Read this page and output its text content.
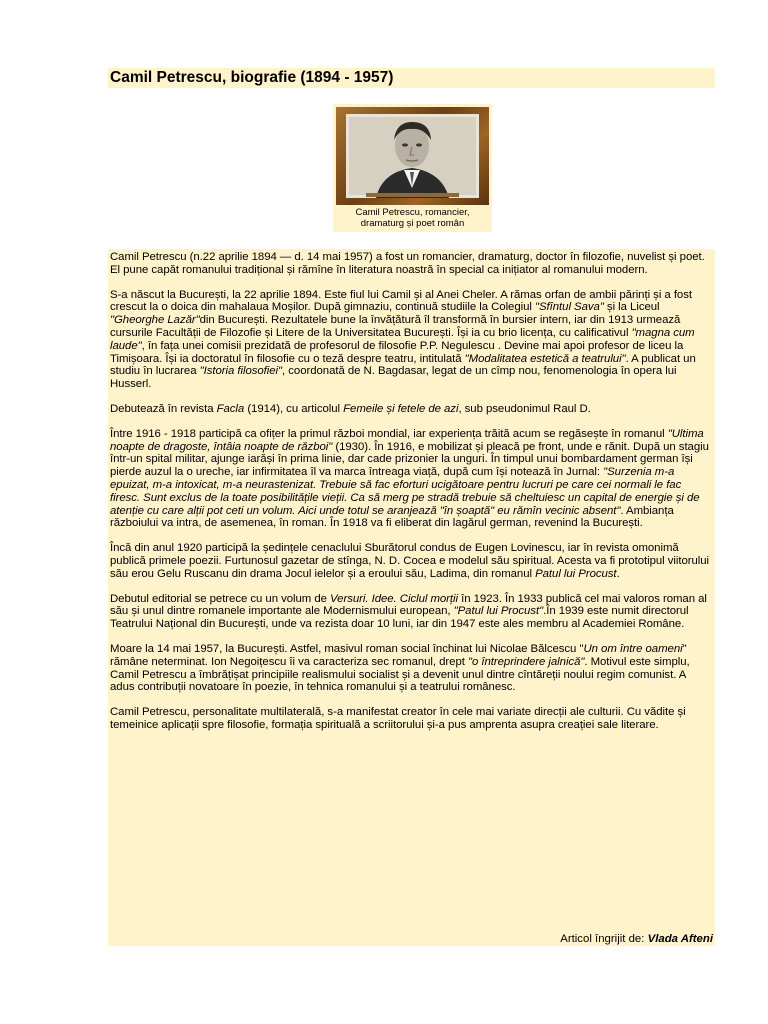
Camil Petrescu, biografie (1894 - 1957)
Camil Petrescu, romancier, dramaturg și poet român

Camil Petrescu (n.22 aprilie 1894 — d. 14 mai 1957) a fost un romancier, dramaturg, doctor în filozofie, nuvelist și poet. El pune capăt romanului tradițional și rămîne în literatura noastră în special ca inițiator al romanului modern.

S-a născut la București, la 22 aprilie 1894. Este fiul lui Camil și al Anei Cheler. A rămas orfan de ambii părinți și a fost crescut la o doica din mahalaua Moșilor. După gimnaziu, continuă studiile la Colegiul "Sfîntul Sava" și la Liceul "Gheorghe Lazăr"din București. Rezultatele bune la învățătură îl transformă în bursier intern, iar din 1913 urmează cursurile Facultății de Filozofie și Litere de la Universitatea București. Își ia cu brio licența, cu calificativul "magna cum laude", în fața unei comisii prezidată de profesorul de filosofie P.P. Negulescu . Devine mai apoi profesor de liceu la Timișoara. Își ia doctoratul în filosofie cu o teză despre teatru, intitulată "Modalitatea estetică a teatrului". A publicat un studiu în lucrarea "Istoria filosofiei", coordonată de N. Bagdasar, legat de un cîmp nou, fenomenologia în opera lui Husserl.

Debutează în revista Facla (1914), cu articolul Femeile și fetele de azi, sub pseudonimul Raul D.

Între 1916 - 1918 participă ca ofițer la primul război mondial, iar experiența trăită acum se regăsește în romanul "Ultima noapte de dragoste, întâia noapte de război" (1930). În 1916, e mobilizat și pleacă pe front, unde e rănit. După un stagiu într-un spital militar, ajunge iarăși în prima linie, dar cade prizonier la unguri. În timpul unui bombardament german își pierde auzul la o ureche, iar infirmitatea îl va marca întreaga viață, după cum își notează în Jurnal: "Surzenia m-a epuizat, m-a intoxicat, m-a neurastenizat. Trebuie să fac eforturi ucigătoare pentru lucruri pe care cei normali le fac firesc. Sunt exclus de la toate posibilitățile vieții. Ca să merg pe stradă trebuie să cheltuiesc un capital de energie și de atenție cu care alții pot ceti un volum. Aici unde totul se aranjează "în șoaptă" eu rămîn vecinic absent". Ambianța războiului va intra, de asemenea, în roman. În 1918 va fi eliberat din lagărul german, revenind la București.

Încă din anul 1920 participă la ședințele cenaclului Sburătorul condus de Eugen Lovinescu, iar în revista omonimă publică primele poezii. Furtunosul gazetar de stînga, N. D. Cocea e modelul său spiritual. Acesta va fi prototipul viitorului său erou Gelu Ruscanu din drama Jocul ielelor și a eroului său, Ladima, din romanul Patul lui Procust.

Debutul editorial se petrece cu un volum de Versuri. Idee. Ciclul morții în 1923. În 1933 publică cel mai valoros roman al său și unul dintre romanele importante ale Modernismului european, "Patul lui Procust".În 1939 este numit directorul Teatrului Național din București, unde va rezista doar 10 luni, iar din 1947 este ales membru al Academiei Române.

Moare la 14 mai 1957, la București. Astfel, masivul roman social închinat lui Nicolae Bălcescu "Un om între oameni" rămâne neterminat. Ion Negoițescu îi va caracteriza sec romanul, drept "o întreprindere jalnică". Motivul este simplu, Camil Petrescu a îmbrățișat principiile realismului socialist și a devenit unul dintre cîntăreții noului regim comunist. A adus contribuții novatoare în poezie, în tehnica romanului și a teatrului românesc.

Camil Petrescu, personalitate multilaterală, s-a manifestat creator în cele mai variate direcții ale culturii. Cu vădite și temeinice aplicații spre filosofie, formația spirituală a scriitorului și-a pus amprenta asupra creației sale literare.

Articol îngrijit de: Vlada Afteni
